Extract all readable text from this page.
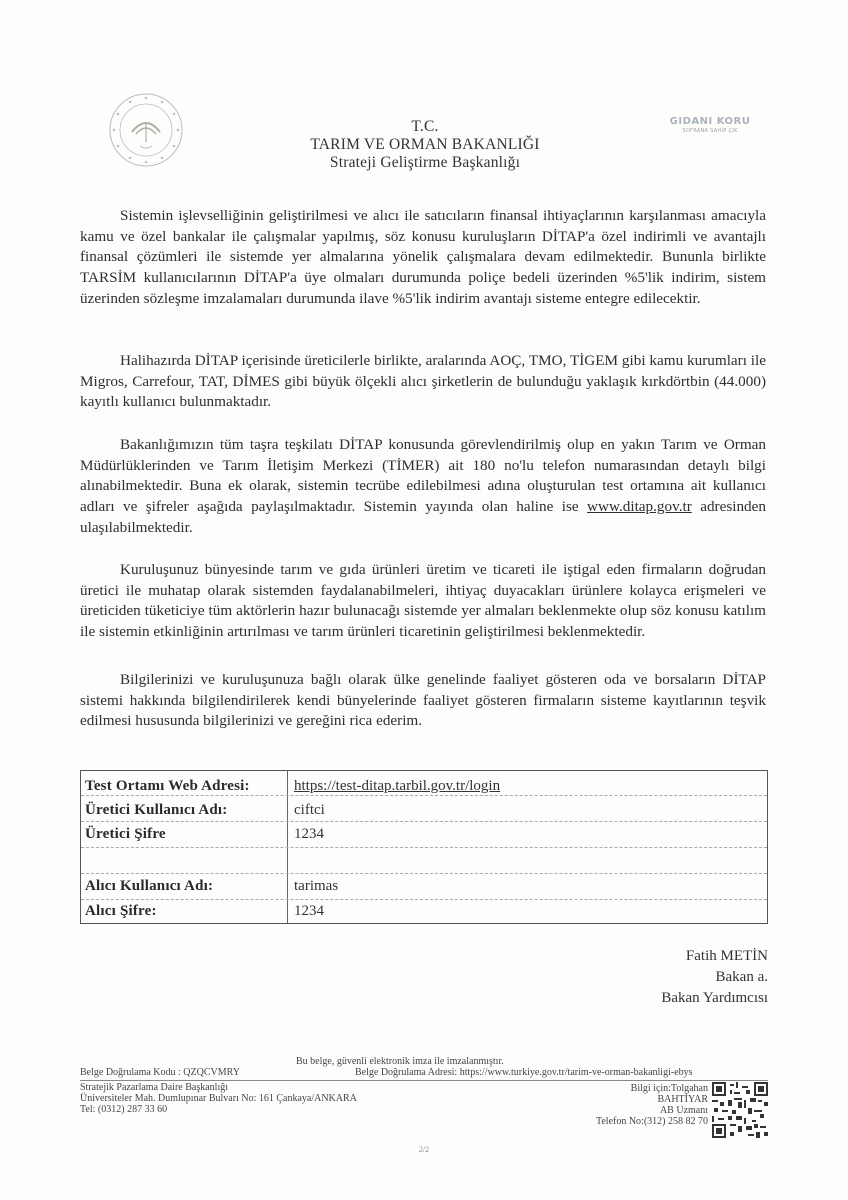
T.C.
TARIM VE ORMAN BAKANLIĞI
Strateji Geliştirme Başkanlığı
GIDANI KORU
SOFRANA SAHİP ÇIK
Sistemin işlevselliğinin geliştirilmesi ve alıcı ile satıcıların finansal ihtiyaçlarının karşılanması amacıyla kamu ve özel bankalar ile çalışmalar yapılmış, söz konusu kuruluşların DİTAP'a özel indirimli ve avantajlı finansal çözümleri ile sistemde yer almalarına yönelik çalışmalara devam edilmektedir. Bununla birlikte TARSİM kullanıcılarının DİTAP'a üye olmaları durumunda poliçe bedeli üzerinden %5'lik indirim, sistem üzerinden sözleşme imzalamaları durumunda ilave %5'lik indirim avantajı sisteme entegre edilecektir.
Halihazırda DİTAP içerisinde üreticilerle birlikte, aralarında AOÇ, TMO, TİGEM gibi kamu kurumları ile Migros, Carrefour, TAT, DİMES gibi büyük ölçekli alıcı şirketlerin de bulunduğu yaklaşık kırkdörtbin (44.000) kayıtlı kullanıcı bulunmaktadır.
Bakanlığımızın tüm taşra teşkilatı DİTAP konusunda görevlendirilmiş olup en yakın Tarım ve Orman Müdürlüklerinden ve Tarım İletişim Merkezi (TİMER) ait 180 no'lu telefon numarasından detaylı bilgi alınabilmektedir. Buna ek olarak, sistemin tecrübe edilebilmesi adına oluşturulan test ortamına ait kullanıcı adları ve şifreler aşağıda paylaşılmaktadır. Sistemin yayında olan haline ise www.ditap.gov.tr adresinden ulaşılabilmektedir.
Kuruluşunuz bünyesinde tarım ve gıda ürünleri üretim ve ticareti ile iştigal eden firmaların doğrudan üretici ile muhatap olarak sistemden faydalanabilmeleri, ihtiyaç duyacakları ürünlere kolayca erişmeleri ve üreticiden tüketiciye tüm aktörlerin hazır bulunacağı sistemde yer almaları beklenmekte olup söz konusu katılım ile sistemin etkinliğinin artırılması ve tarım ürünleri ticaretinin geliştirilmesi beklenmektedir.
Bilgilerinizi ve kuruluşunuza bağlı olarak ülke genelinde faaliyet gösteren oda ve borsaların DİTAP sistemi hakkında bilgilendirilerek kendi bünyelerinde faaliyet gösteren firmaların sisteme kayıtlarının teşvik edilmesi hususunda bilgilerinizi ve gereğini rica ederim.
Test Ortamı Web Adresi:	https://test-ditap.tarbil.gov.tr/login
Üretici Kullanıcı Adı:	ciftci
Üretici Şifre	1234
Alıcı Kullanıcı Adı:	tarimas
Alıcı Şifre:	1234
Fatih METİN
Bakan a.
Bakan Yardımcısı
Bu belge, güvenli elektronik imza ile imzalanmıştır.
Belge Doğrulama Kodu : QZQCVMRY	Belge Doğrulama Adresi: https://www.turkiye.gov.tr/tarim-ve-orman-bakanligi-ebys
Stratejik Pazarlama Daire Başkanlığı
Üniversiteler Mah. Dumlupınar Bulvarı No: 161 Çankaya/ANKARA
Tel: (0312) 287 33 60
Bilgi için:Tolgahan
BAHTİYAR
AB Uzmanı
Telefon No:(312) 258 82 70
2/2
